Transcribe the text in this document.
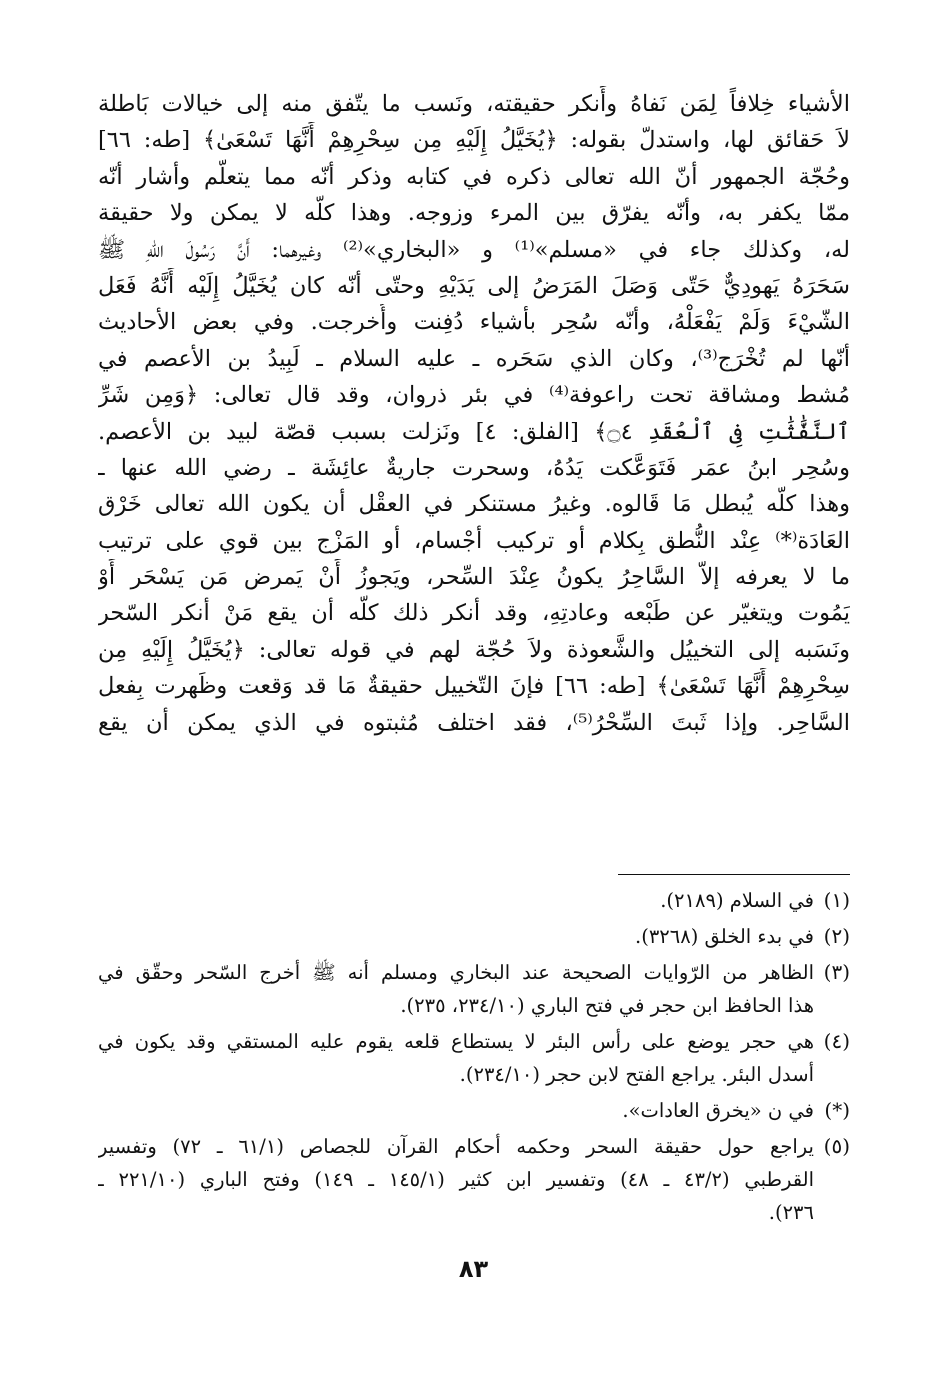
الأشياء خِلافاً لِمَن نَفاهُ وأَنكر حقيقته، ونَسب ما يتّفق منه إلى خيالات بَاطلة
لاَ حَقائق لها، واستدلّ بقوله: ﴿يُخَيَّلُ إِلَيْهِ مِن سِحْرِهِمْ أَنَّهَا تَسْعَىٰ﴾ [طه: ٦٦]
وحُجّة الجمهور أنّ الله تعالى ذكره في كتابه وذكر أنّه مما يتعلّم وأشار أنّه
ممّا يكفر به، وأنّه يفرّق بين المرء وزوجه. وهذا كلّه لا يمكن ولا حقيقة
له، وكذلك جاء في «مسلم»⁽¹⁾ و «البخاري»⁽²⁾ وغيرهما: أَنَّ رَسُولَ اللّهِ ﷺ
سَحَرَهُ يَهودِيٌّ حَتّى وَصَلَ المَرَضُ إلى يَدَيْهِ وحتّى أنّه كان يُخَيَّلُ إِلَيْه أَنَّهُ فَعَل
الشّيْءَ وَلَمْ يَفْعَلْهُ، وأنّه سُحِر بأشياء دُفِنت وأُخرجت. وفي بعض الأحاديث
أنّها لم تُخْرَج⁽³⁾، وكان الذي سَحَره ـ عليه السلام ـ لَبِيدُ بن الأعصم في
مُشط ومشاقة تحت راعوفة⁽⁴⁾ في بئر ذروان، وقد قال تعالى: ﴿وَمِن شَرِّ
ٱلنَّفَّٰثَٰتِ فِى ٱلْعُقَدِ ۝٤﴾ [الفلق: ٤] ونَزلت بسبب قصّة لبيد بن الأعصم.
وسُحِر ابنُ عمَر فَتَوَعَّكت يَدُهُ، وسحرت جاريةٌ عائِشَة ـ رضي الله عنها ـ
وهذا كلّه يُبطل مَا قَالوه. وغيرُ مستنكر في العقْل أن يكون الله تعالى خَرْق
العَادَة⁽*⁾ عِنْد النُّطق بِكلام أو تركيب أجْسام، أو المَزْج بين قوي على ترتيب
ما لا يعرفه إلاّ السَّاحِرُ يكونُ عِنْدَ السِّحر، ويَجوزُ أَنْ يَمرض مَن يَسْحَر أَوْ
يَمُوت ويتغيّر عن طَبْعه وعادتِهِ، وقد أنكر ذلك كلّه أن يقع مَنْ أنكر السّحر
ونَسَبه إلى التخييُل والشَّعوذة ولاَ حُجّة لهم في قوله تعالى: ﴿يُخَيَّلُ إِلَيْهِ مِن
سِحْرِهِمْ أَنَّهَا تَسْعَىٰ﴾ [طه: ٦٦] فإنَ التّخييل حقيقةٌ مَا قد وَقعت وظَهرت بِفعل
السَّاحِر. وإذا ثَبتَ السِّحْرُ⁽⁵⁾، فقد اختلف مُثبتوه في الذي يمكن أن يقع
(١)
في السلام (٢١٨٩).
(٢)
في بدء الخلق (٣٢٦٨).
(٣)
الظاهر من الرّوايات الصحيحة عند البخاري ومسلم أنه ﷺ أخرج السّحر وحقّق في
هذا الحافظ ابن حجر في فتح الباري (٢٣٤/١٠، ٢٣٥).
(٤)
هي حجر يوضع على رأس البئر لا يستطاع قلعه يقوم عليه المستقي وقد يكون في
أسدل البئر. يراجع الفتح لابن حجر (٢٣٤/١٠).
(*)
في ن «يخرق العادات».
(٥)
يراجع حول حقيقة السحر وحكمه أحكام القرآن للجصاص (٦١/١ ـ ٧٢) وتفسير
القرطبي (٤٣/٢ ـ ٤٨) وتفسير ابن كثير (١٤٥/١ ـ ١٤٩) وفتح الباري (٢٢١/١٠ ـ
٢٣٦).
٨٣
